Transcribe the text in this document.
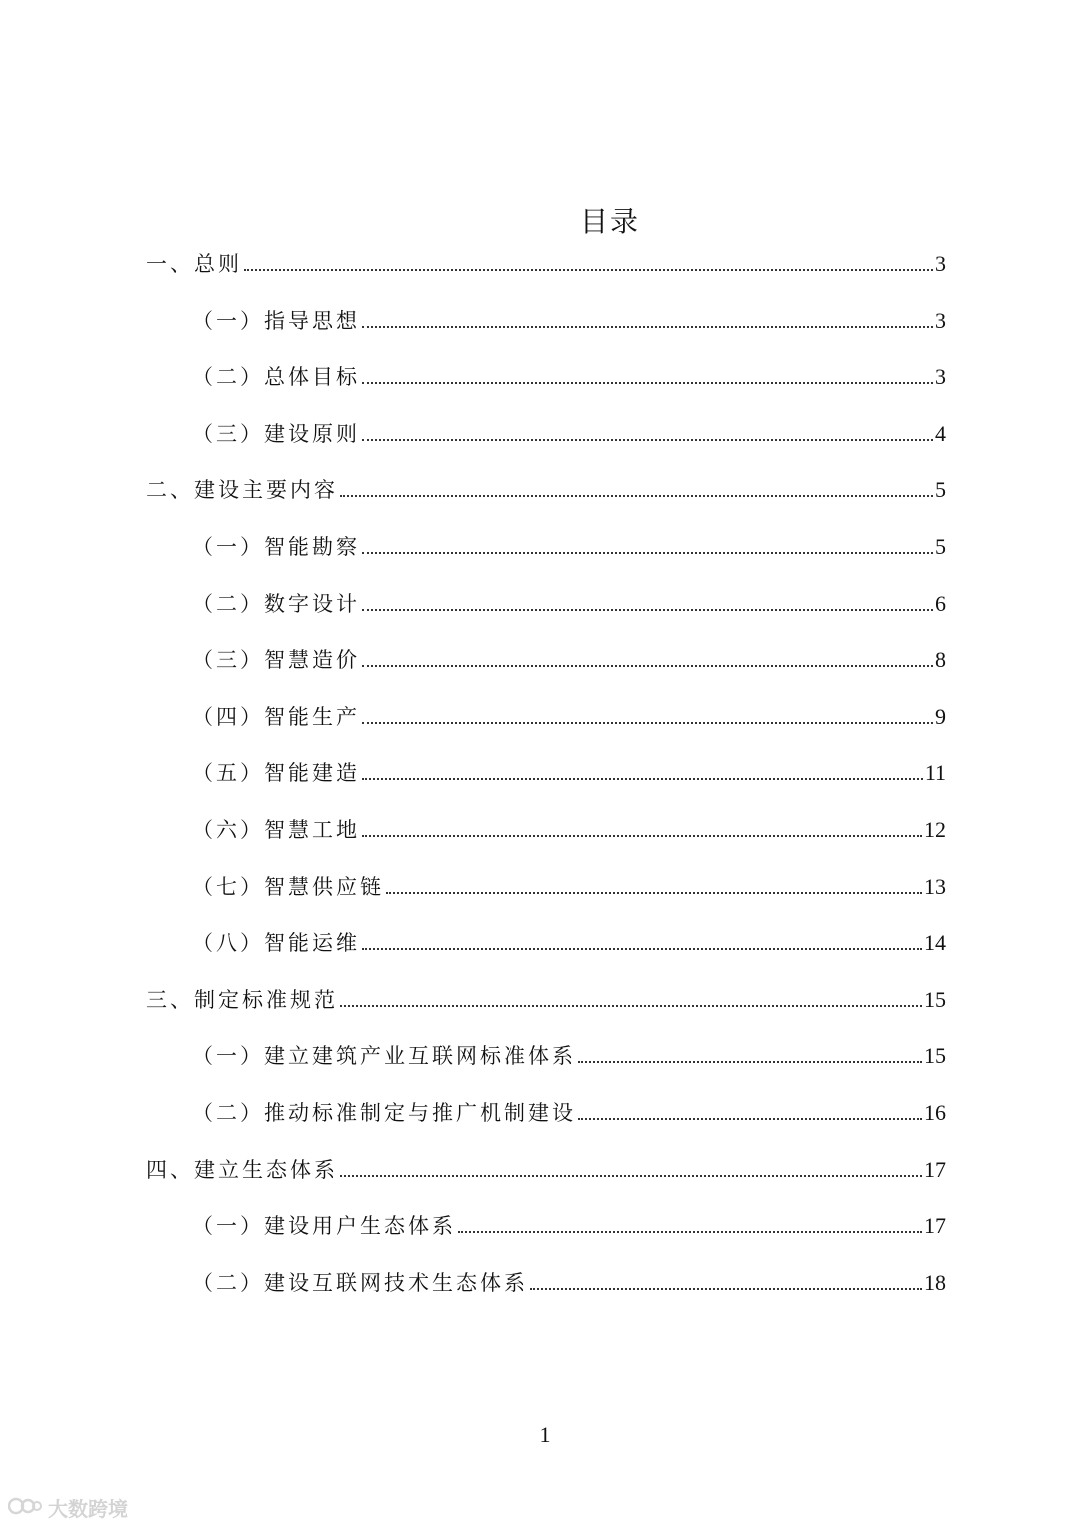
目录
一、总则	3
（一）指导思想	3
（二）总体目标	3
（三）建设原则	4
二、建设主要内容	5
（一）智能勘察	5
（二）数字设计	6
（三）智慧造价	8
（四）智能生产	9
（五）智能建造	11
（六）智慧工地	12
（七）智慧供应链	13
（八）智能运维	14
三、制定标准规范	15
（一）建立建筑产业互联网标准体系	15
（二）推动标准制定与推广机制建设	16
四、建立生态体系	17
（一）建设用户生态体系	17
（二）建设互联网技术生态体系	18
1
大数跨境
